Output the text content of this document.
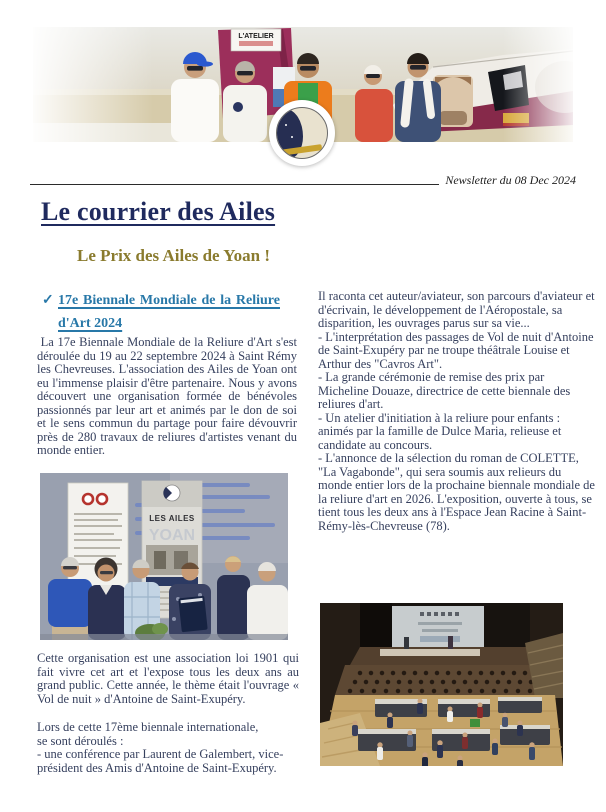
L'ATELIER
Newsletter du 08 Dec 2024
Le courrier des Ailes
Le Prix des Ailes de Yoan !
✓ 17e Biennale Mondiale de la Reliure
d'Art 2024
La 17e Biennale Mondiale de la Reliure d'Art s'est déroulée du 19 au 22 septembre 2024 à Saint Rémy les Chevreuses. L'association des Ailes de Yoan ont eu l'immense plaisir d'être partenaire. Nous y avons découvert une organisation formée de bénévoles passionnés par leur art et animés par le don de soi et le sens commun du partage pour faire dévouvrir près de 280 travaux de reliures d'artistes venant du monde entier.
LES AILES
YOAN
Cette organisation est une association loi 1901 qui fait vivre cet art et l'expose tous les deux ans au grand public. Cette année, le thème était l'ouvrage « Vol de nuit » d'Antoine de Saint-Exupéry.
Lors de cette 17ème biennale internationale,
se sont déroulés :
- une conférence par Laurent de Galembert, vice-
président des Amis d'Antoine de Saint-Exupéry.
Il raconta cet auteur/aviateur, son parcours d'aviateur et d'écrivain, le développement de l'Aéropostale, sa disparition, les ouvrages parus sur sa vie...
- L'interprétation des passages de Vol de nuit d'Antoine de Saint-Exupéry par ne troupe théâtrale Louise et Arthur des "Cavros Art".
- La grande cérémonie de remise des prix par Micheline Douaze, directrice de cette biennale des reliures d'art.
- Un atelier d'initiation à la reliure pour enfants : animés par la famille de Dulce Maria, relieuse et candidate au concours.
- L'annonce de la sélection du roman de COLETTE, "La Vagabonde", qui sera soumis aux relieurs du monde entier lors de la prochaine biennale mondiale de la reliure d'art en 2026. L'exposition, ouverte à tous, se tient tous les deux ans à l'Espace Jean Racine à Saint-Rémy-lès-Chevreuse (78).
